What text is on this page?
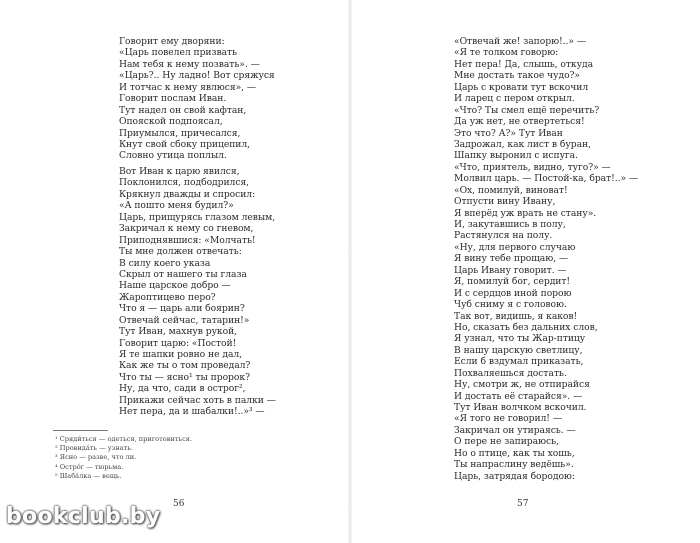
Говорит ему дворяни:
«Царь повелел призвать
Нам тебя к нему позвать». —
«Царь?.. Ну ладно! Вот сряжуся
И тотчас к нему явлюся», —
Говорит послам Иван.
Тут надел он свой кафтан,
Опояской подпоясал,
Приумылся, причесался,
Кнут свой сбоку прицепил,
Словно утица поплыл.
Вот Иван к царю явился,
Поклонился, подбодрился,
Крякнул дважды и спросил:
«А пошто меня будил?»
Царь, прищурясь глазом левым,
Закричал к нему со гневом,
Приподнявшися: «Молчать!
Ты мне должен отвечать:
В силу коего указа
Скрыл от нашего ты глаза
Наше царское добро —
Жароптицево перо?
Что я — царь али боярин?
Отвечай сейчас, татарин!»
Тут Иван, махнув рукой,
Говорит царю: «Постой!
Я те шапки ровно не дал,
Как же ты о том проведал?
Что ты — ясно¹ ты пророк?
Ну, да что, сади в острог²,
Прикажи сейчас хоть в палки —
Нет пера, да и шабалки!..»³ —
¹ Сряди́ться — одеться, приготовиться.
² Провида́ть — узнать.
³ Ясно — разве, что ли.
⁴ Остро́г — тюрьма.
⁵ Шаба́лка — вещь.
56
«Отвечай же! запорю!..» —
«Я те толком говорю:
Нет пера! Да, слышь, откуда
Мне достать такое чудо?»
Царь с кровати тут вскочил
И ларец с пером открыл.
«Что? Ты смел ещё перечить?
Да уж нет, не отвертеться!
Это что? А?» Тут Иван
Задрожал, как лист в буран,
Шапку выронил с испуга.
«Что, приятель, видно, туго?» —
Молвил царь. — Постой-ка, брат!..» —
«Ох, помилуй, виноват!
Отпусти вину Ивану,
Я вперёд уж врать не стану».
И, закутавшись в полу,
Растянулся на полу.
«Ну, для первого случаю
Я вину тебе прощаю, —
Царь Ивану говорит. —
Я, помилуй бог, сердит!
И с сердцов иной порою
Чуб сниму я с головою.
Так вот, видишь, я каков!
Но, сказать без дальних слов,
Я узнал, что ты Жар-птицу
В нашу царскую светлицу,
Если б вздумал приказать,
Похваляешься достать.
Ну, смотри ж, не отпирайся
И достать её старайся». —
Тут Иван волчком вскочил.
«Я того не говорил! —
Закричал он утираясь. —
О пере не запираюсь,
Но о птице, как ты хошь,
Ты напраслину ведёшь».
Царь, затрядая бородою:
57
bookclub.by
